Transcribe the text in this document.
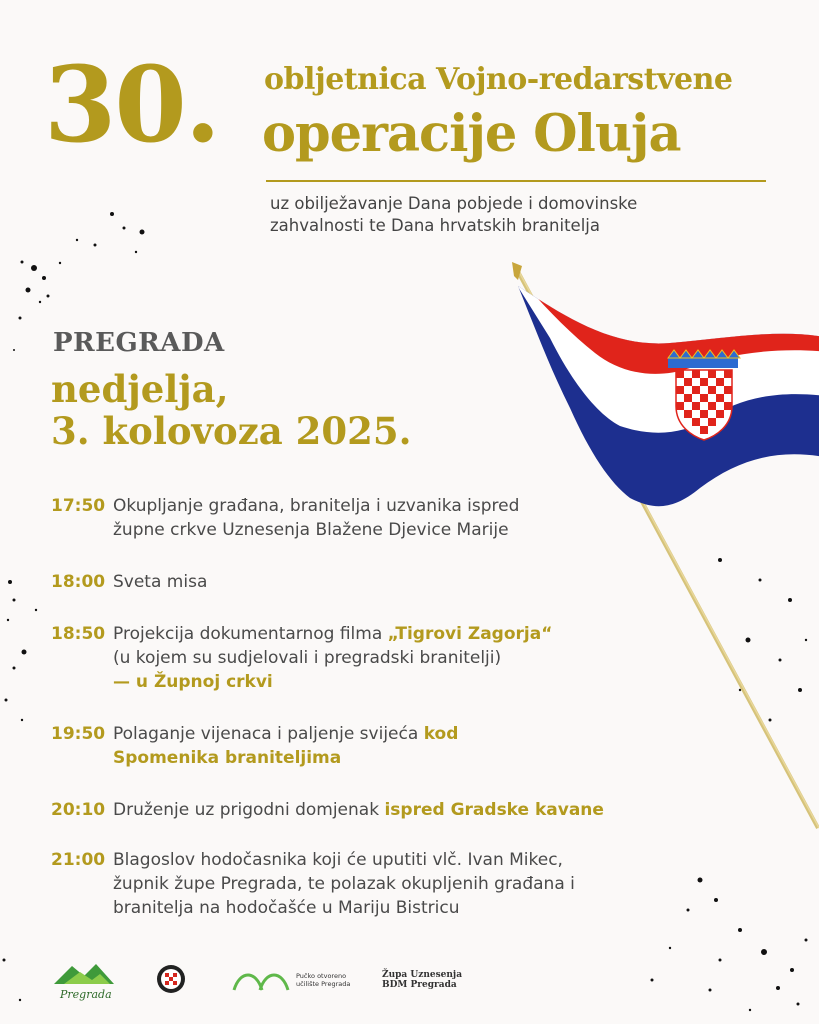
30. obljetnica Vojno-redarstvene
operacije Oluja
uz obilježavanje Dana pobjede i domovinske
zahvalnosti te Dana hrvatskih branitelja
PREGRADA
nedjelja,
3. kolovoza 2025.
17:50 Okupljanje građana, branitelja i uzvanika ispred
župne crkve Uznesenja Blažene Djevice Marije
18:00 Sveta misa
18:50 Projekcija dokumentarnog filma „Tigrovi Zagorja“
(u kojem su sudjelovali i pregradski branitelji)
— u Župnoj crkvi
19:50 Polaganje vijenaca i paljenje svijeća kod
Spomenika braniteljima
20:10 Druženje uz prigodni domjenak ispred Gradske kavane
21:00 Blagoslov hodočasnika koji će uputiti vlč. Ivan Mikec,
župnik župe Pregrada, te polazak okupljenih građana i
branitelja na hodočašće u Mariju Bistricu
Pregrada
Pučko otvoreno
učilište Pregrada
Župa Uznesenja
BDM Pregrada
